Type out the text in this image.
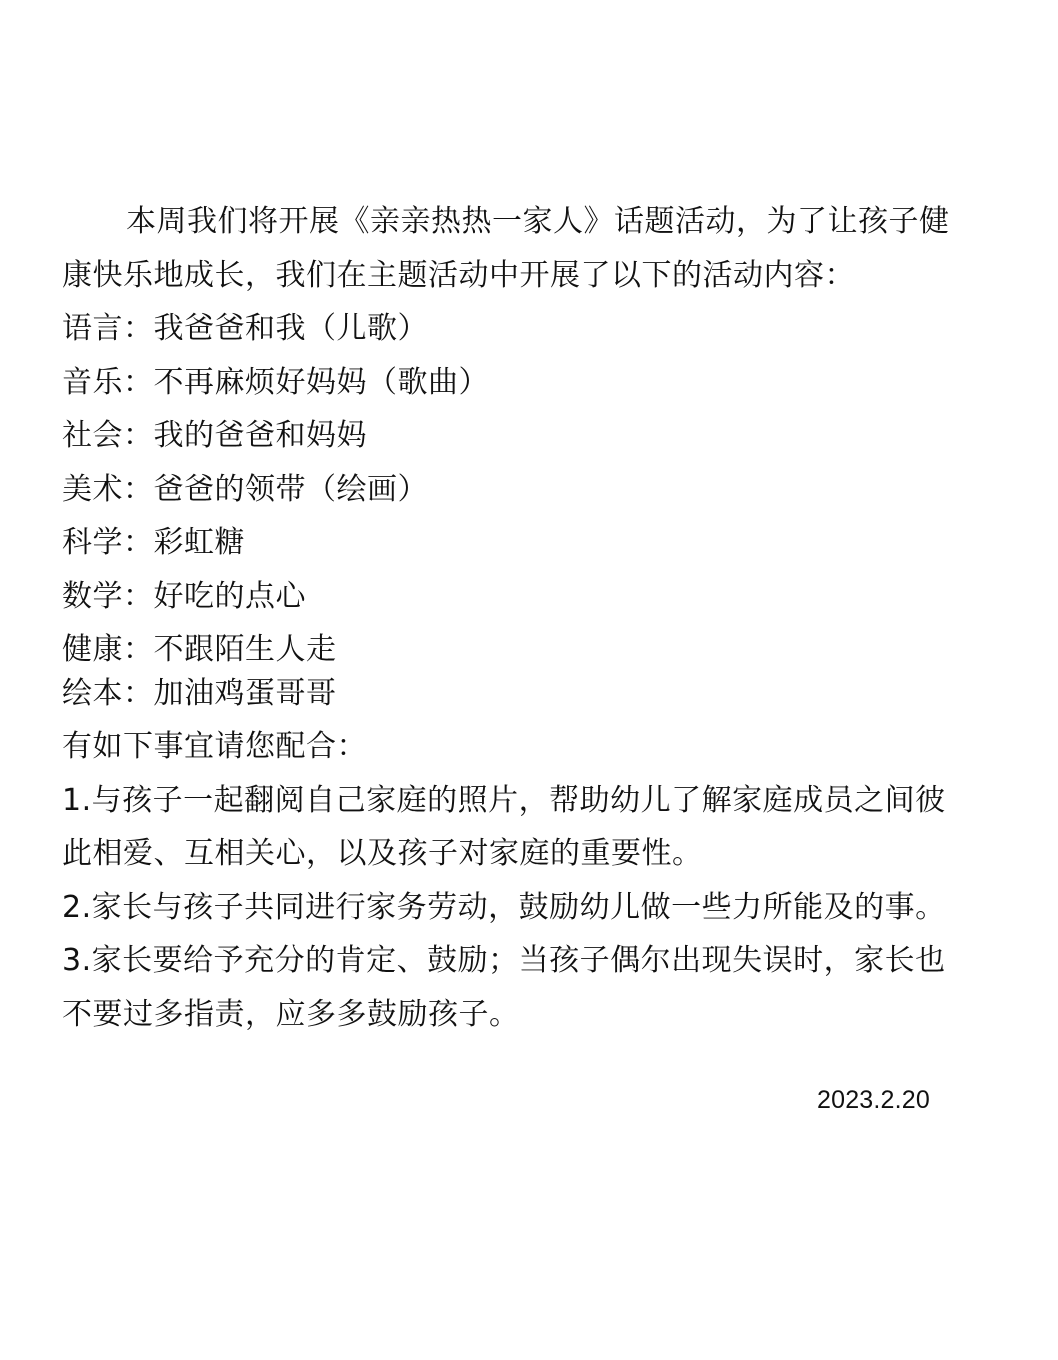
本周我们将开展《亲亲热热一家人》话题活动，为了让孩子健

康快乐地成长，我们在主题活动中开展了以下的活动内容：

语言：我爸爸和我（儿歌）

音乐：不再麻烦好妈妈（歌曲）

社会：我的爸爸和妈妈

美术：爸爸的领带（绘画）

科学：彩虹糖

数学：好吃的点心

健康：不跟陌生人走

绘本：加油鸡蛋哥哥

有如下事宜请您配合：

1.与孩子一起翻阅自己家庭的照片，帮助幼儿了解家庭成员之间彼

此相爱、互相关心，以及孩子对家庭的重要性。

2.家长与孩子共同进行家务劳动，鼓励幼儿做一些力所能及的事。

3.家长要给予充分的肯定、鼓励；当孩子偶尔出现失误时，家长也

不要过多指责，应多多鼓励孩子。

2023.2.20
